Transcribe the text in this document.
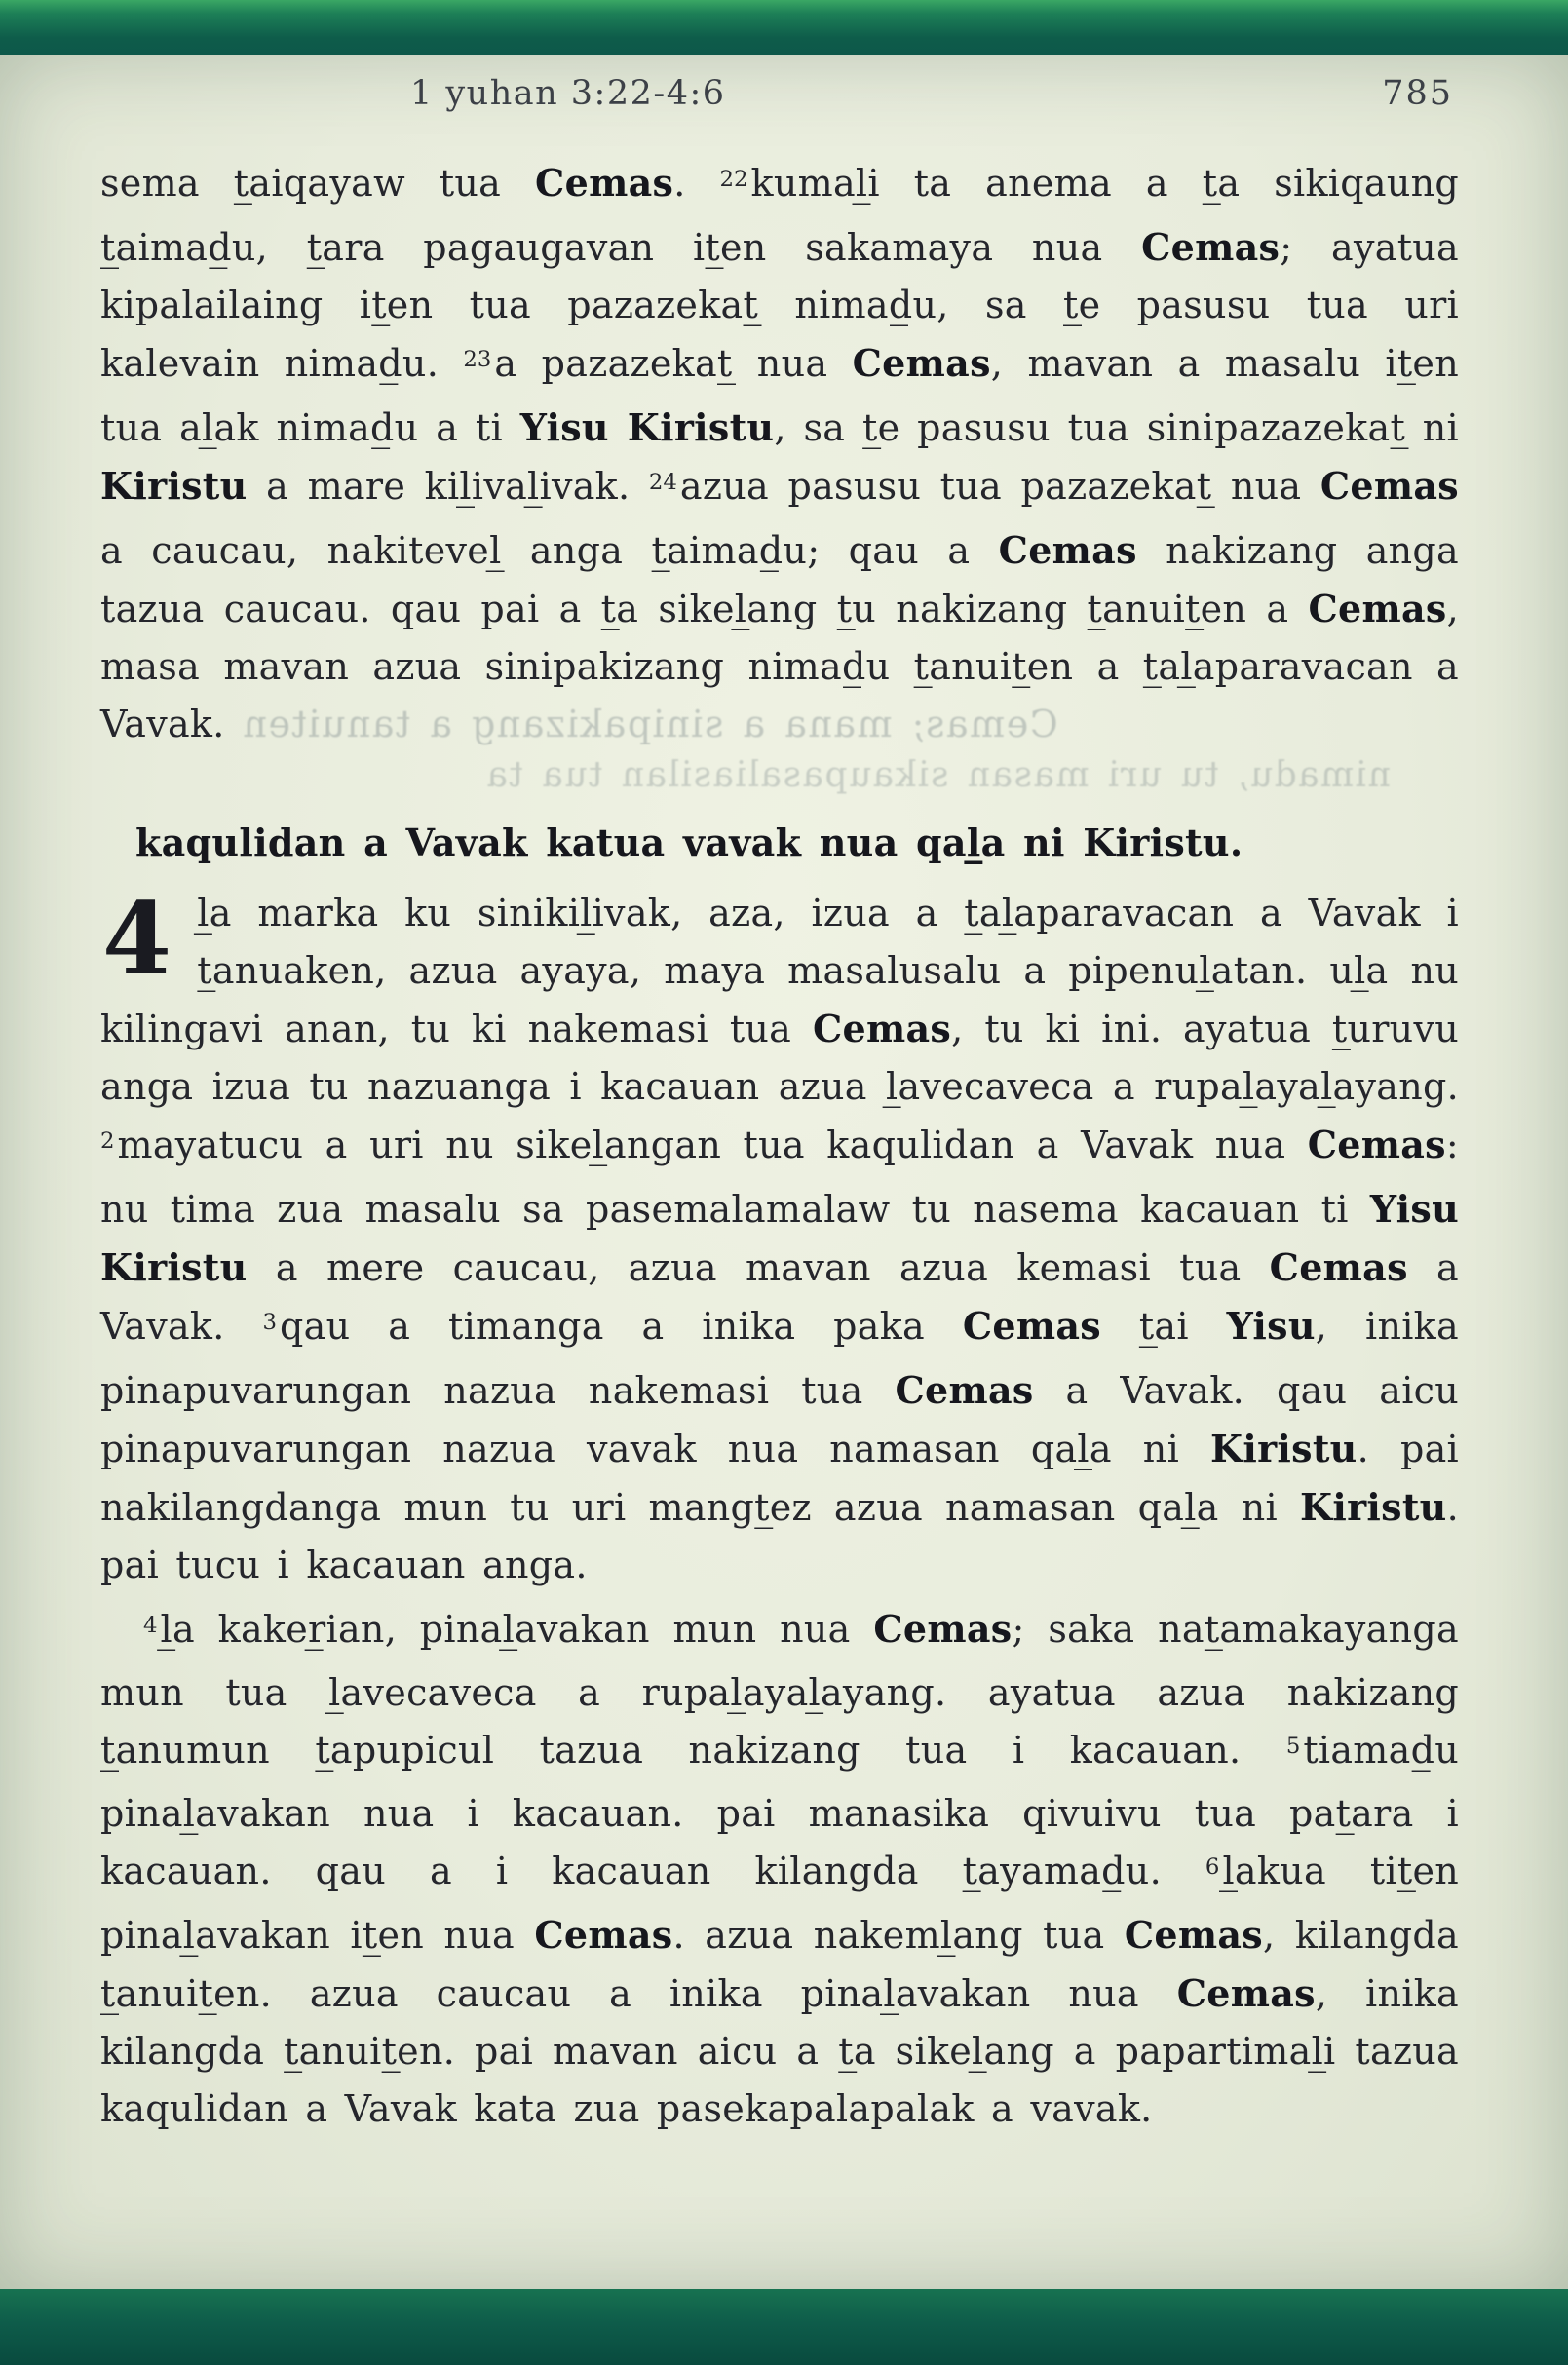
1 yuhan 3:22-4:6	785

sema t̲aiqayaw tua Cemas. $^{22}$kumal̲i ta anema a t̲a sikiqaung t̲aimad̲u, t̲ara pagaugavan it̲en sakamaya nua Cemas; ayatua kipalailaing it̲en tua pazazekat̲ nimad̲u, sa t̲e pasusu tua uri kalevain nimad̲u. $^{23}$a pazazekat̲ nua Cemas, mavan a masalu it̲en tua al̲ak nimad̲u a ti Yisu Kiristu, sa t̲e pasusu tua sinipazazekat̲ ni Kiristu a mare kil̲ival̲ivak. $^{24}$azua pasusu tua pazazekat̲ nua Cemas a caucau, nakitevel̲ anga t̲aimad̲u; qau a Cemas nakizang anga tazua caucau. qau pai a t̲a sikel̲ang t̲u nakizang t̲anuit̲en a Cemas, masa mavan azua sinipakizang nimad̲u t̲anuit̲en a t̲al̲aparavacan a Vavak. Cemas; mana a sinipakizang a tanuiten

nimadu, tu uri masan sikaupasaliasilan tua ta
kaqulidan a Vavak katua vavak nua qal̲a ni Kiristu.

4 l̲a marka ku sinikil̲ivak, aza, izua a t̲al̲aparavacan a Vavak i t̲anuaken, azua ayaya, maya masalusalu a pipenul̲atan. ul̲a nu kilingavi anan, tu ki nakemasi tua Cemas, tu ki ini. ayatua t̲uruvu anga izua tu nazuanga i kacauan azua l̲avecaveca a rupal̲ayal̲ayang. $^2$mayatucu a uri nu sikel̲angan tua kaqulidan a Vavak nua Cemas: nu tima zua masalu sa pasemalamalaw tu nasema kacauan ti Yisu Kiristu a mere caucau, azua mavan azua kemasi tua Cemas a Vavak. $^3$qau a timanga a inika paka Cemas t̲ai Yisu, inika pinapuvarungan nazua nakemasi tua Cemas a Vavak. qau aicu pinapuvarungan nazua vavak nua namasan qal̲a ni Kiristu. pai nakilangdanga mun tu uri mangt̲ez azua namasan qal̲a ni Kiristu. pai tucu i kacauan anga.

$^4$l̲a kaker̲ian, pinal̲avakan mun nua Cemas; saka nat̲amakayanga mun tua l̲avecaveca a rupal̲ayal̲ayang. ayatua azua nakizang t̲anumun t̲apupicul tazua nakizang tua i kacauan. $^5$tiamad̲u pinal̲avakan nua i kacauan. pai manasika qivuivu tua pat̲ara i kacauan. qau a i kacauan kilangda t̲ayamad̲u. $^6$l̲akua tit̲en pinal̲avakan it̲en nua Cemas. azua nakeml̲ang tua Cemas, kilangda t̲anuit̲en. azua caucau a inika pinal̲avakan nua Cemas, inika kilangda t̲anuit̲en. pai mavan aicu a t̲a sikel̲ang a papartimal̲i tazua kaqulidan a Vavak kata zua pasekapalapalak a vavak.
